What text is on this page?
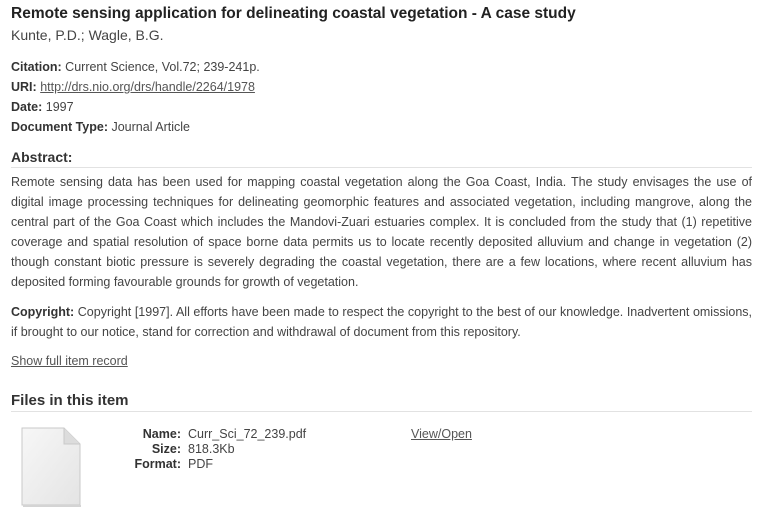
Remote sensing application for delineating coastal vegetation - A case study
Kunte, P.D.; Wagle, B.G.
Citation: Current Science, Vol.72; 239-241p.
URI: http://drs.nio.org/drs/handle/2264/1978
Date: 1997
Document Type: Journal Article
Abstract:
Remote sensing data has been used for mapping coastal vegetation along the Goa Coast, India. The study envisages the use of digital image processing techniques for delineating geomorphic features and associated vegetation, including mangrove, along the central part of the Goa Coast which includes the Mandovi-Zuari estuaries complex. It is concluded from the study that (1) repetitive coverage and spatial resolution of space borne data permits us to locate recently deposited alluvium and change in vegetation (2) though constant biotic pressure is severely degrading the coastal vegetation, there are a few locations, where recent alluvium has deposited forming favourable grounds for growth of vegetation.
Copyright: Copyright [1997]. All efforts have been made to respect the copyright to the best of our knowledge. Inadvertent omissions, if brought to our notice, stand for correction and withdrawal of document from this repository.
Show full item record
Files in this item
Name: Curr_Sci_72_239.pdf
Size: 818.3Kb
Format: PDF
View/Open
